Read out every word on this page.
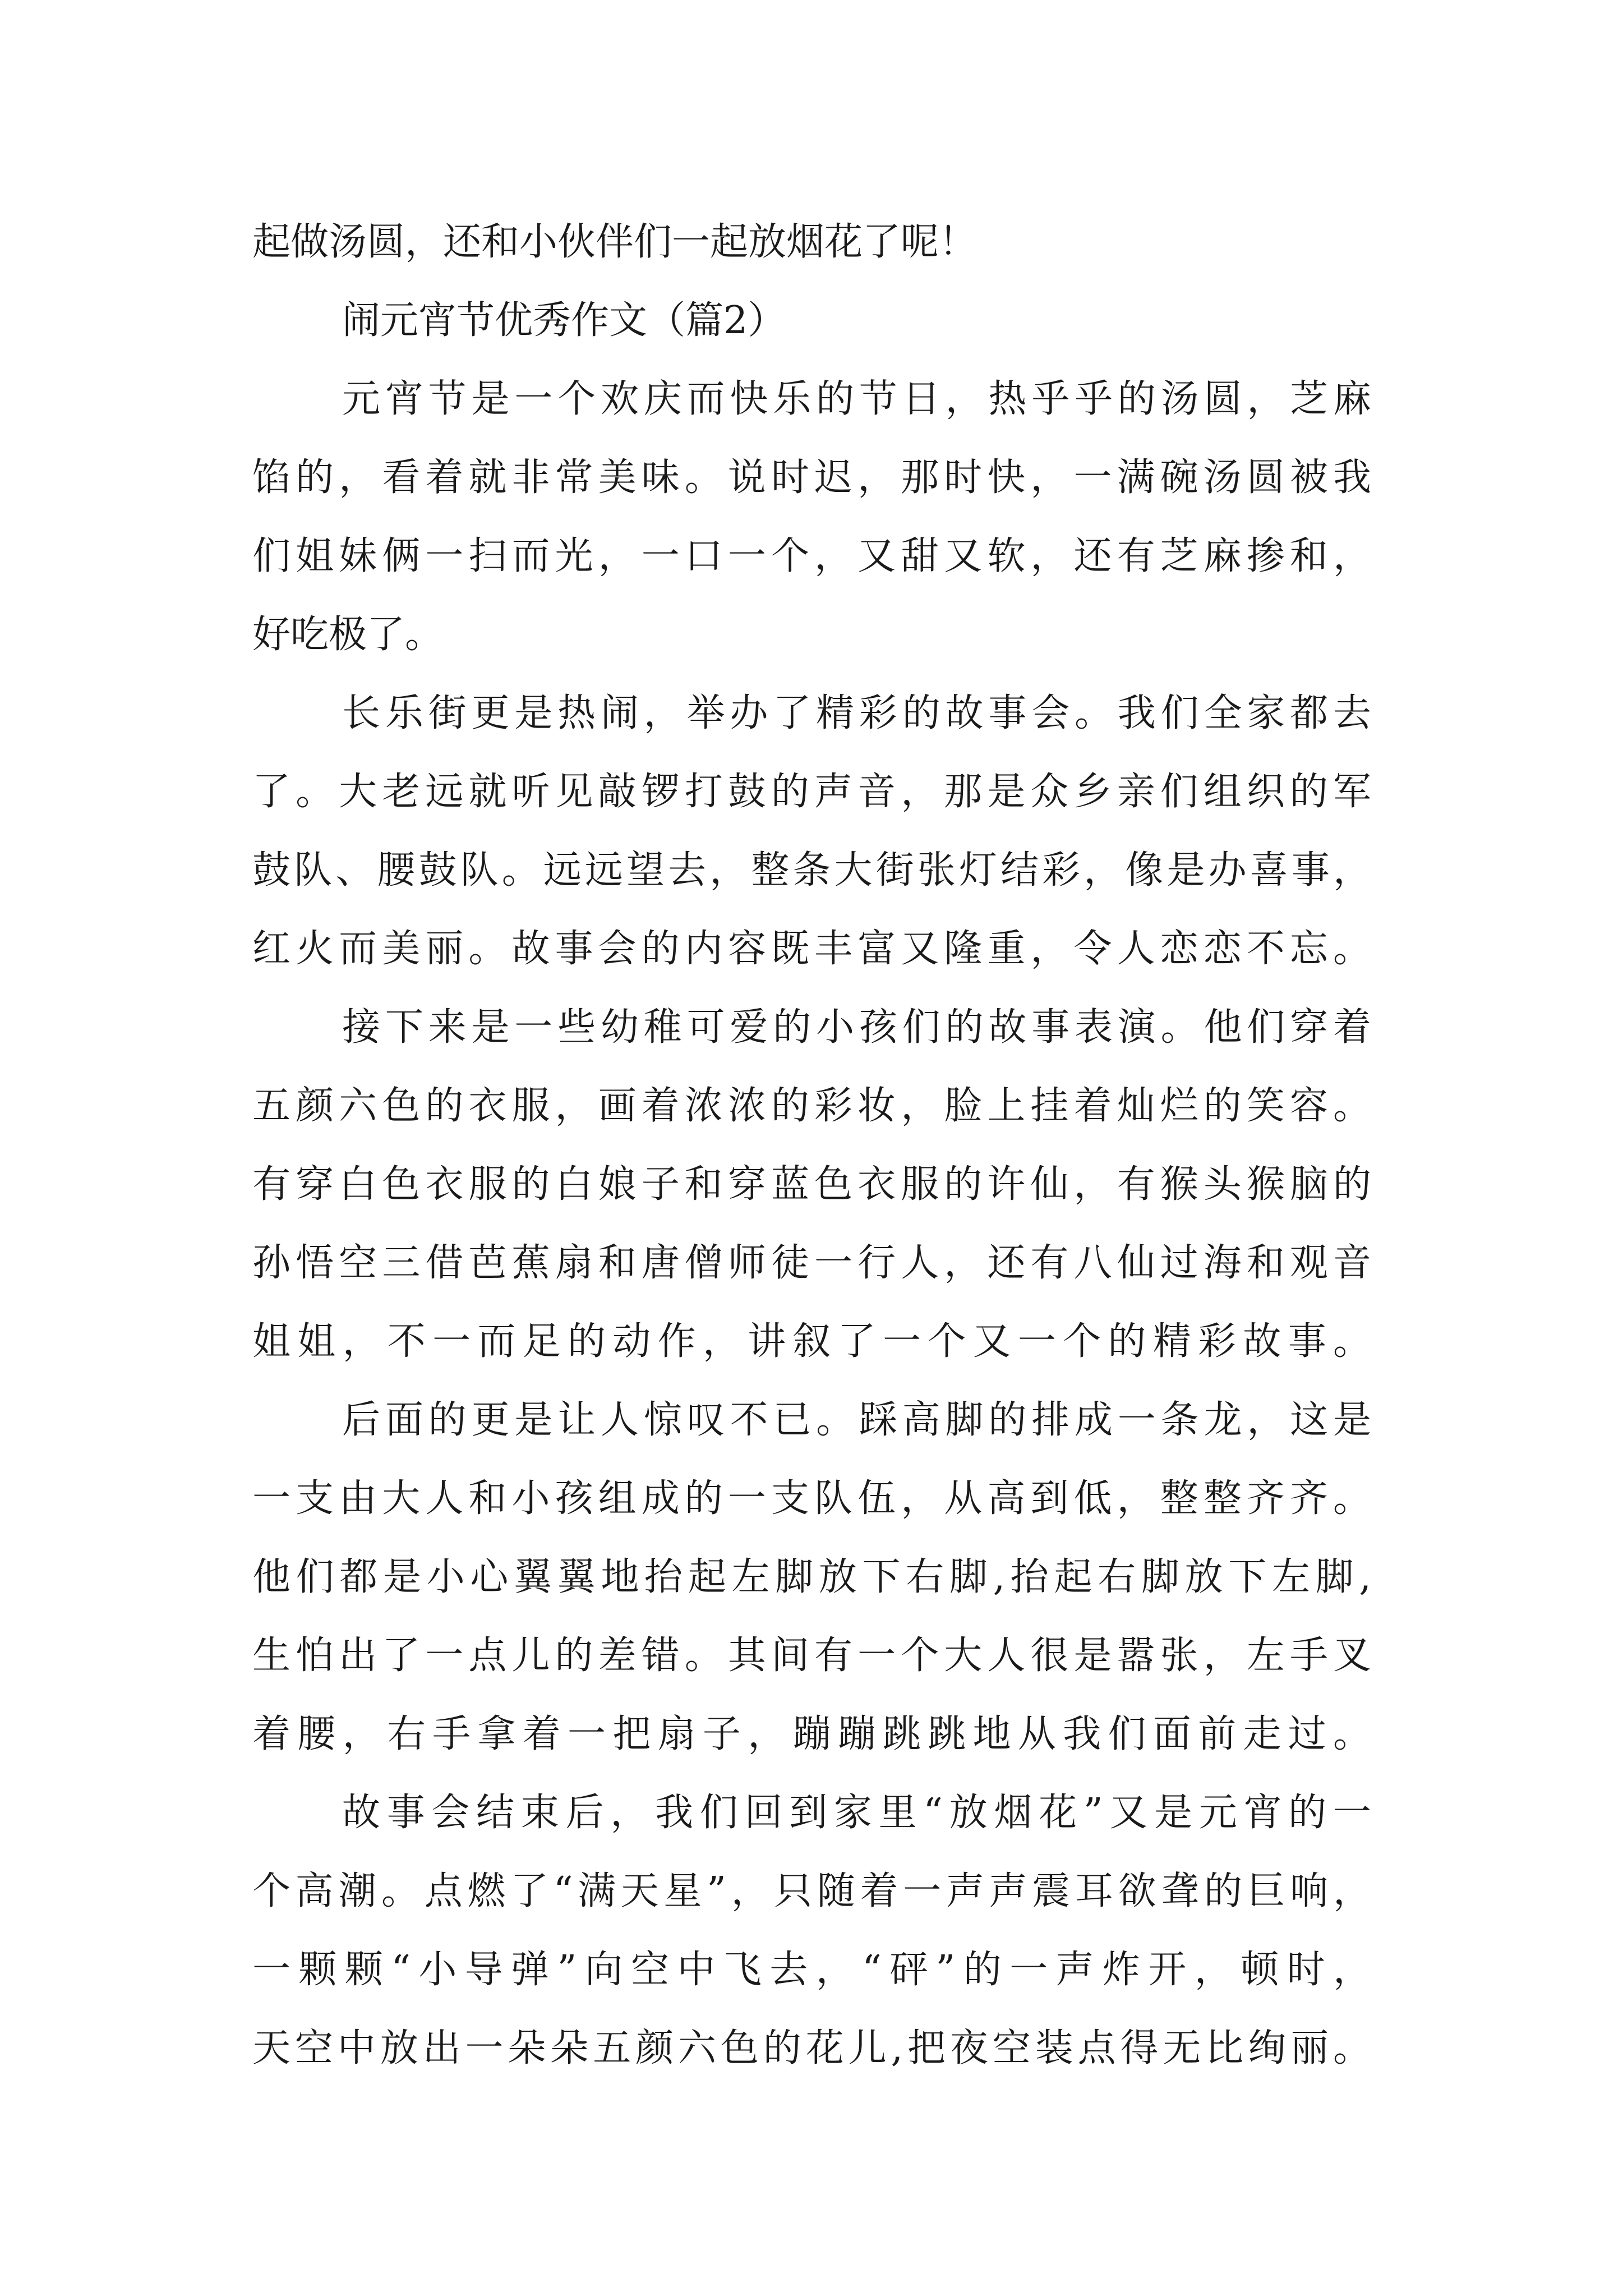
起做汤圆，还和小伙伴们一起放烟花了呢！
闹元宵节优秀作文（篇2）
元宵节是一个欢庆而快乐的节日，热乎乎的汤圆，芝麻
馅的，看着就非常美味。说时迟，那时快，一满碗汤圆被我
们姐妹俩一扫而光，一口一个，又甜又软，还有芝麻掺和，
好吃极了。
长乐街更是热闹，举办了精彩的故事会。我们全家都去
了。大老远就听见敲锣打鼓的声音，那是众乡亲们组织的军
鼓队、腰鼓队。远远望去，整条大街张灯结彩，像是办喜事，
红火而美丽。故事会的内容既丰富又隆重，令人恋恋不忘。
接下来是一些幼稚可爱的小孩们的故事表演。他们穿着
五颜六色的衣服，画着浓浓的彩妆，脸上挂着灿烂的笑容。
有穿白色衣服的白娘子和穿蓝色衣服的许仙，有猴头猴脑的
孙悟空三借芭蕉扇和唐僧师徒一行人，还有八仙过海和观音
姐姐，不一而足的动作，讲叙了一个又一个的精彩故事。
后面的更是让人惊叹不已。踩高脚的排成一条龙，这是
一支由大人和小孩组成的一支队伍，从高到低，整整齐齐。
他们都是小心翼翼地抬起左脚放下右脚,抬起右脚放下左脚,
生怕出了一点儿的差错。其间有一个大人很是嚣张，左手叉
着腰，右手拿着一把扇子，蹦蹦跳跳地从我们面前走过。
故事会结束后，我们回到家里“放烟花”又是元宵的一
个高潮。点燃了“满天星”，只随着一声声震耳欲聋的巨响，
一颗颗“小导弹”向空中飞去，“砰”的一声炸开，顿时，
天空中放出一朵朵五颜六色的花儿,把夜空装点得无比绚丽。
